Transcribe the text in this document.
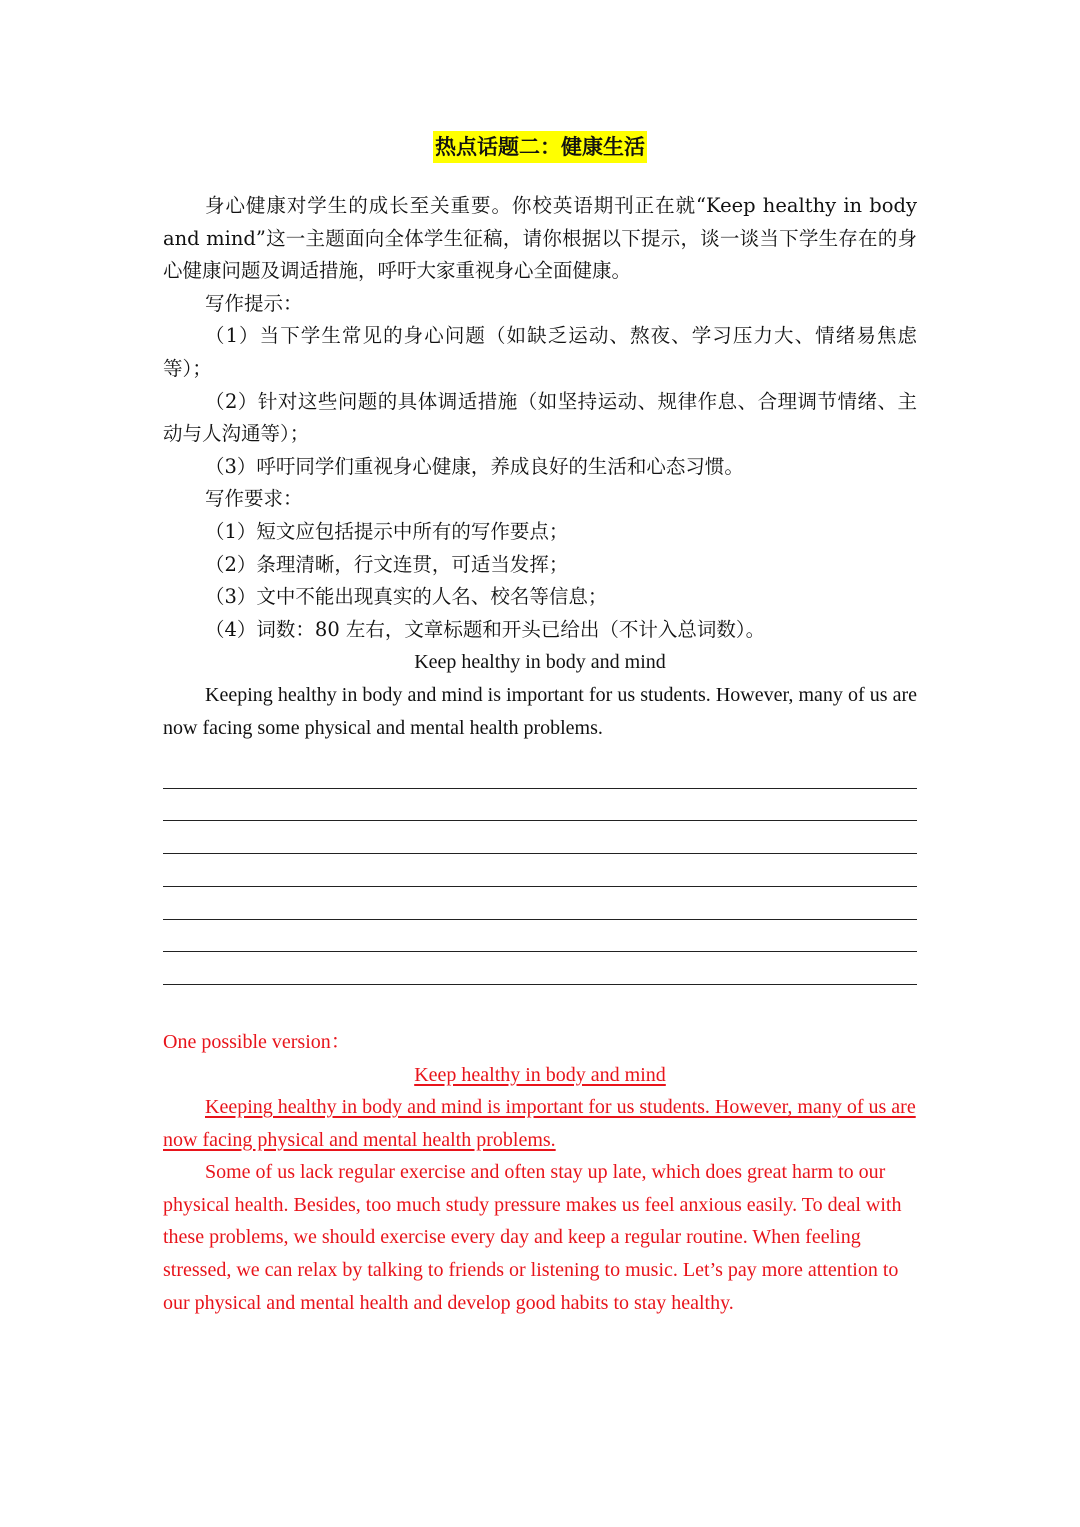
热点话题二：健康生活

身心健康对学生的成长至关重要。你校英语期刊正在就“Keep healthy in body and mind”这一主题面向全体学生征稿，请你根据以下提示，谈一谈当下学生存在的身心健康问题及调适措施，呼吁大家重视身心全面健康。

写作提示：

（1）当下学生常见的身心问题（如缺乏运动、熬夜、学习压力大、情绪易焦虑等）；

（2）针对这些问题的具体调适措施（如坚持运动、规律作息、合理调节情绪、主动与人沟通等）；

（3）呼吁同学们重视身心健康，养成良好的生活和心态习惯。

写作要求：

（1）短文应包括提示中所有的写作要点；

（2）条理清晰，行文连贯，可适当发挥；

（3）文中不能出现真实的人名、校名等信息；

（4）词数：80 左右，文章标题和开头已给出（不计入总词数）。

Keep healthy in body and mind

Keeping healthy in body and mind is important for us students. However, many of us are now facing some physical and mental health problems.

One possible version：

Keep healthy in body and mind

Keeping healthy in body and mind is important for us students. However, many of us are now facing physical and mental health problems.

Some of us lack regular exercise and often stay up late, which does great harm to our physical health. Besides, too much study pressure makes us feel anxious easily. To deal with these problems, we should exercise every day and keep a regular routine. When feeling stressed, we can relax by talking to friends or listening to music. Let’s pay more attention to our physical and mental health and develop good habits to stay healthy.
